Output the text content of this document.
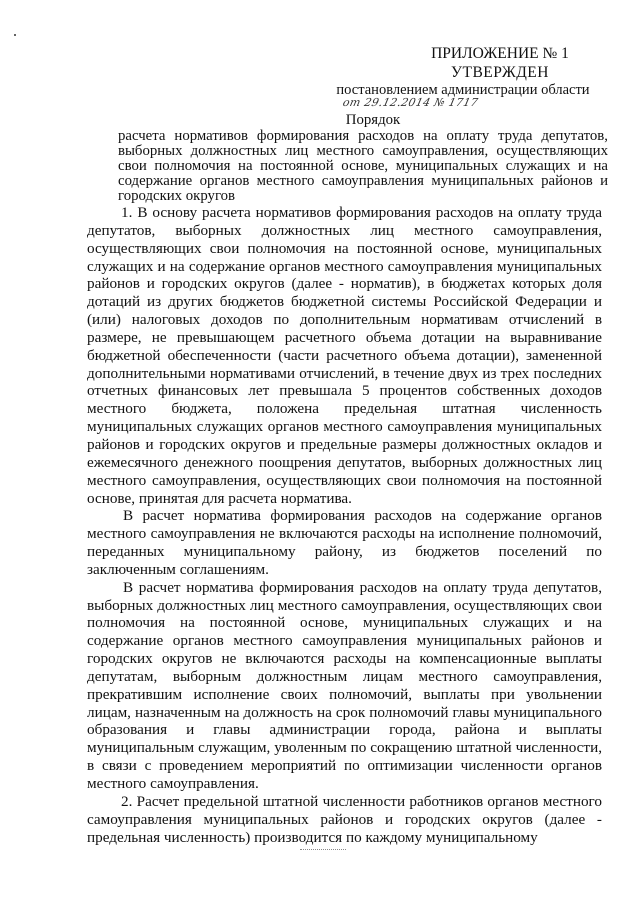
ПРИЛОЖЕНИЕ № 1
УТВЕРЖДЕН
постановлением администрации области
от 29.12.2014 № 1717
Порядок
расчета нормативов формирования расходов на оплату труда депутатов, выборных должностных лиц местного самоуправления, осуществляющих свои полномочия на постоянной основе, муниципальных служащих и на содержание органов местного самоуправления муниципальных районов и городских округов

1. В основу расчета нормативов формирования расходов на оплату труда депутатов, выборных должностных лиц местного самоуправления, осуществляющих свои полномочия на постоянной основе, муниципальных служащих и на содержание органов местного самоуправления муниципальных районов и городских округов (далее - норматив), в бюджетах которых доля дотаций из других бюджетов бюджетной системы Российской Федерации и (или) налоговых доходов по дополнительным нормативам отчислений в размере, не превышающем расчетного объема дотации на выравнивание бюджетной обеспеченности (части расчетного объема дотации), замененной дополнительными нормативами отчислений, в течение двух из трех последних отчетных финансовых лет превышала 5 процентов собственных доходов местного бюджета, положена предельная штатная численность муниципальных служащих органов местного самоуправления муниципальных районов и городских округов и предельные размеры должностных окладов и ежемесячного денежного поощрения депутатов, выборных должностных лиц местного самоуправления, осуществляющих свои полномочия на постоянной основе, принятая для расчета норматива.

В расчет норматива формирования расходов на содержание органов местного самоуправления не включаются расходы на исполнение полномочий, переданных муниципальному району, из бюджетов поселений по заключенным соглашениям.

В расчет норматива формирования расходов на оплату труда депутатов, выборных должностных лиц местного самоуправления, осуществляющих свои полномочия на постоянной основе, муниципальных служащих и на содержание органов местного самоуправления муниципальных районов и городских округов не включаются расходы на компенсационные выплаты депутатам, выборным должностным лицам местного самоуправления, прекратившим исполнение своих полномочий, выплаты при увольнении лицам, назначенным на должность на срок полномочий главы муниципального образования и главы администрации города, района и выплаты муниципальным служащим, уволенным по сокращению штатной численности, в связи с проведением мероприятий по оптимизации численности органов местного самоуправления.

2. Расчет предельной штатной численности работников органов местного самоуправления муниципальных районов и городских округов (далее - предельная численность) производится по каждому муниципальному
